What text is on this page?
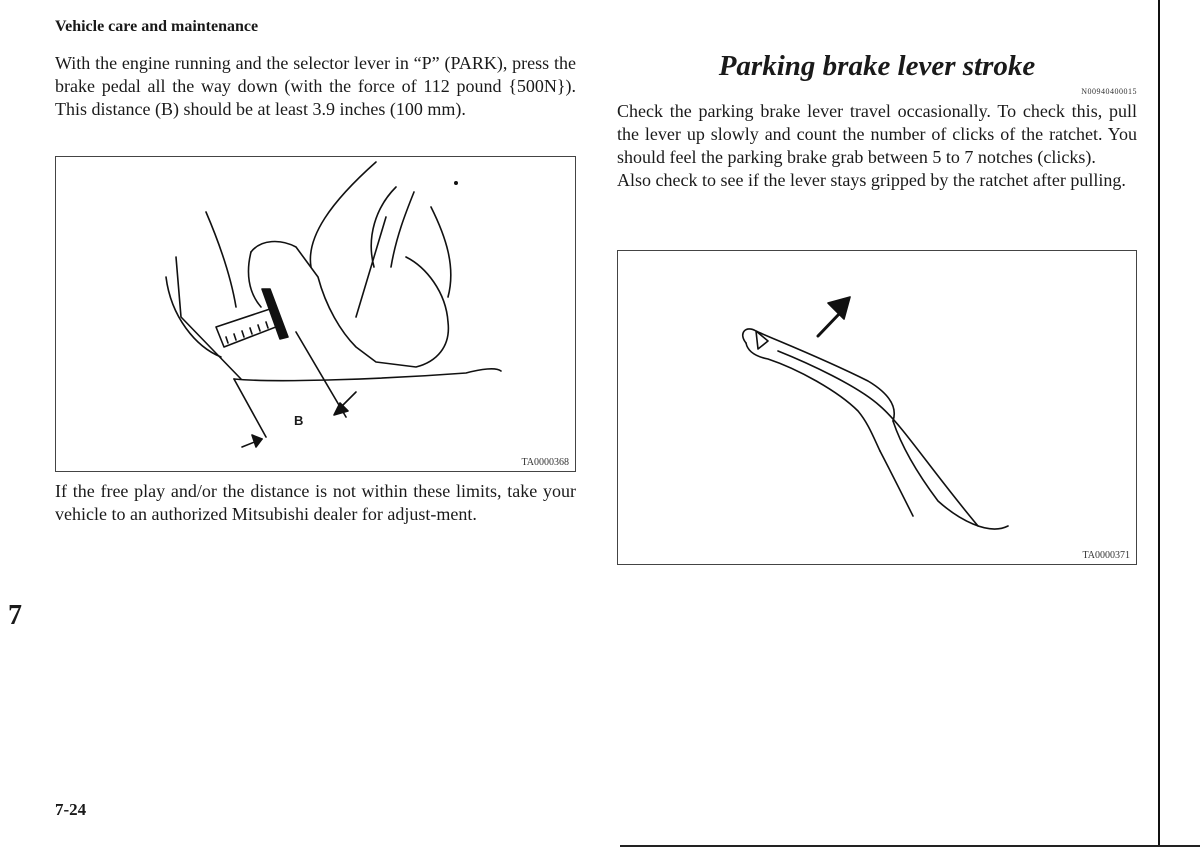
Vehicle care and maintenance
With the engine running and the selector lever in “P” (PARK), press the brake pedal all the way down (with the force of 112 pound {500N}). This distance (B) should be at least 3.9 inches (100 mm).
B
TA0000368
If the free play and/or the distance is not within these limits, take your vehicle to an authorized Mitsubishi dealer for adjust-ment.
Parking brake lever stroke
N00940400015
Check the parking brake lever travel occasionally. To check this, pull the lever up slowly and count the number of clicks of the ratchet. You should feel the parking brake grab between 5 to 7 notches (clicks).
Also check to see if the lever stays gripped by the ratchet after pulling.
TA0000371
7
7-24
